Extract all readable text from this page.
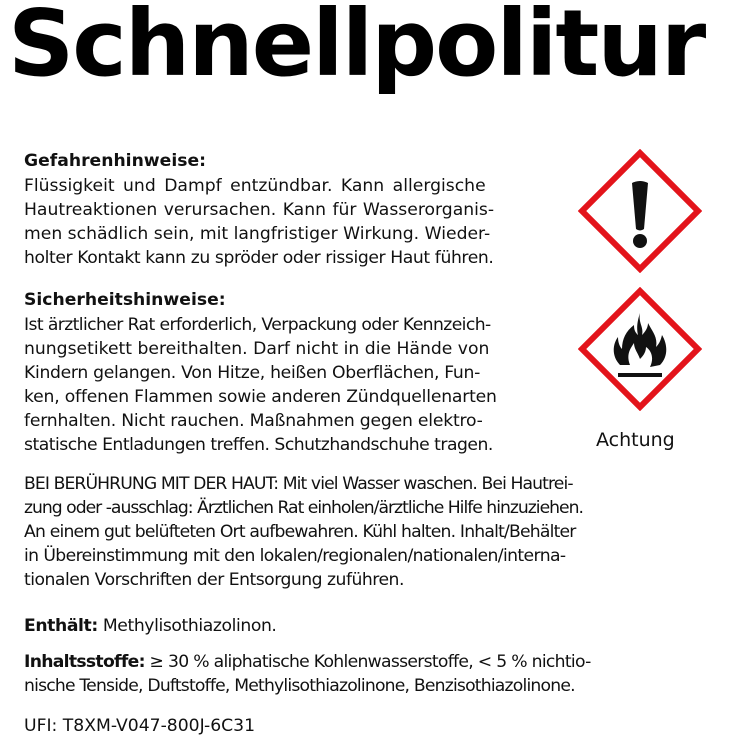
Schnellpolitur
Gefahrenhinweise:
Flüssigkeit und Dampf entzündbar. Kann allergische
Hautreaktionen verursachen. Kann für Wasserorganis-
men schädlich sein, mit langfristiger Wirkung. Wieder-
holter Kontakt kann zu spröder oder rissiger Haut führen.
Sicherheitshinweise:
Ist ärztlicher Rat erforderlich, Verpackung oder Kennzeich-
nungsetikett bereithalten. Darf nicht in die Hände von
Kindern gelangen. Von Hitze, heißen Oberflächen, Fun-
ken, offenen Flammen sowie anderen Zündquellenarten
fernhalten. Nicht rauchen. Maßnahmen gegen elektro-
statische Entladungen treffen. Schutzhandschuhe tragen.
BEI BERÜHRUNG MIT DER HAUT: Mit viel Wasser waschen. Bei Hautrei-
zung oder -ausschlag: Ärztlichen Rat einholen/ärztliche Hilfe hinzuziehen.
An einem gut belüfteten Ort aufbewahren. Kühl halten. Inhalt/Behälter
in Übereinstimmung mit den lokalen/regionalen/nationalen/interna-
tionalen Vorschriften der Entsorgung zuführen.
Enthält: Methylisothiazolinon.
Inhaltsstoffe: ≥ 30 % aliphatische Kohlenwasserstoffe, < 5 % nichtio-
nische Tenside, Duftstoffe, Methylisothiazolinone, Benzisothiazolinone.
UFI: T8XM-V047-800J-6C31
Achtung
